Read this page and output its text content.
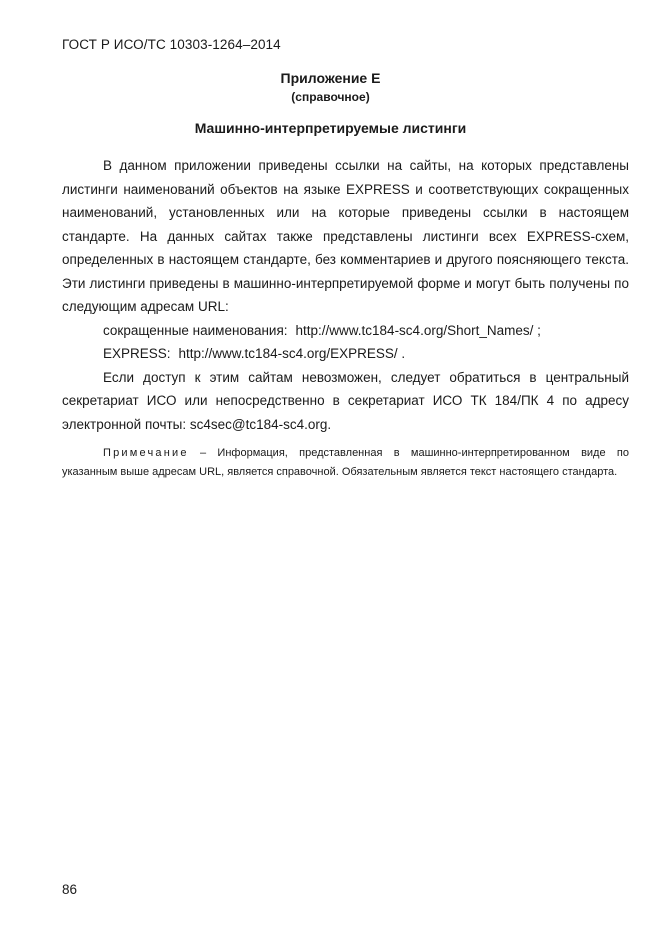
ГОСТ Р ИСО/ТС 10303-1264–2014
Приложение Е
(справочное)
Машинно-интерпретируемые листинги

В данном приложении приведены ссылки на сайты, на которых представлены листинги наименований объектов на языке EXPRESS и соответствующих сокращенных наименований, установленных или на которые приведены ссылки в настоящем стандарте. На данных сайтах также представлены листинги всех EXPRESS-схем, определенных в настоящем стандарте, без комментариев и другого поясняющего текста. Эти листинги приведены в машинно-интерпретируемой форме и могут быть получены по следующим адресам URL:

сокращенные наименования: http://www.tc184-sc4.org/Short_Names/ ;

EXPRESS: http://www.tc184-sc4.org/EXPRESS/ .

Если доступ к этим сайтам невозможен, следует обратиться в центральный секретариат ИСО или непосредственно в секретариат ИСО ТК 184/ПК 4 по адресу электронной почты: sc4sec@tc184-sc4.org.

Примечание – Информация, представленная в машинно-интерпретированном виде по указанным выше адресам URL, является справочной. Обязательным является текст настоящего стандарта.

86
